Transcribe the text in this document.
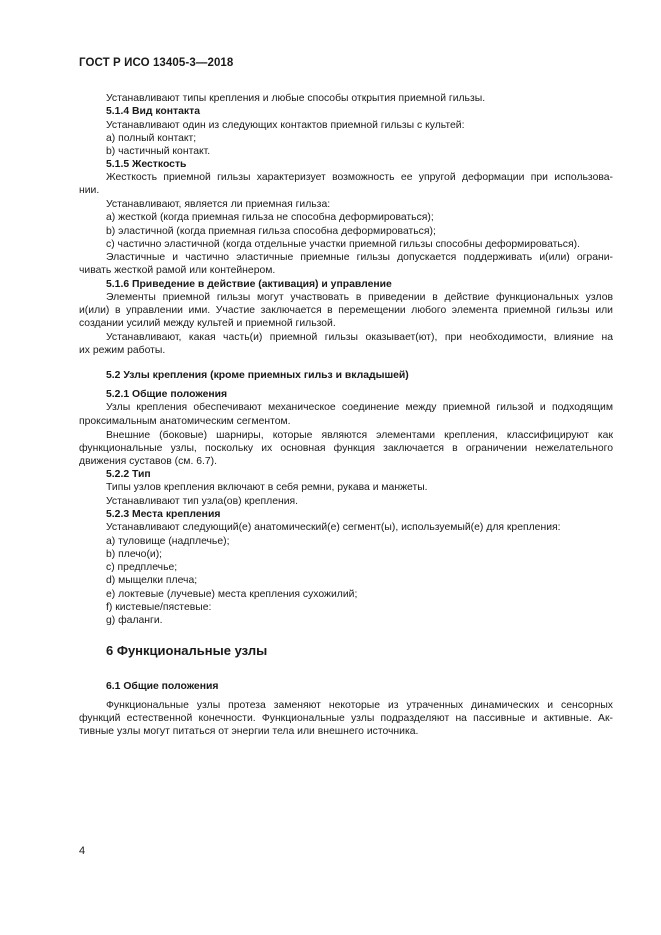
ГОСТ Р ИСО 13405-3—2018
Устанавливают типы крепления и любые способы открытия приемной гильзы.
5.1.4 Вид контакта
Устанавливают один из следующих контактов приемной гильзы с культей:
a) полный контакт;
b) частичный контакт.
5.1.5 Жесткость
Жесткость приемной гильзы характеризует возможность ее упругой деформации при использова-
нии.
Устанавливают, является ли приемная гильза:
a) жесткой (когда приемная гильза не способна деформироваться);
b) эластичной (когда приемная гильза способна деформироваться);
c) частично эластичной (когда отдельные участки приемной гильзы способны деформироваться).
Эластичные и частично эластичные приемные гильзы допускается поддерживать и(или) ограни-
чивать жесткой рамой или контейнером.
5.1.6 Приведение в действие (активация) и управление
Элементы приемной гильзы могут участвовать в приведении в действие функциональных узлов
и(или) в управлении ими. Участие заключается в перемещении любого элемента приемной гильзы или
создании усилий между культей и приемной гильзой.
Устанавливают, какая часть(и) приемной гильзы оказывает(ют), при необходимости, влияние на
их режим работы.
5.2 Узлы крепления (кроме приемных гильз и вкладышей)
5.2.1 Общие положения
Узлы крепления обеспечивают механическое соединение между приемной гильзой и подходящим
проксимальным анатомическим сегментом.
Внешние (боковые) шарниры, которые являются элементами крепления, классифицируют как
функциональные узлы, поскольку их основная функция заключается в ограничении нежелательного
движения суставов (см. 6.7).
5.2.2 Тип
Типы узлов крепления включают в себя ремни, рукава и манжеты.
Устанавливают тип узла(ов) крепления.
5.2.3 Места крепления
Устанавливают следующий(е) анатомический(е) сегмент(ы), используемый(е) для крепления:
a) туловище (надплечье);
b) плечо(и);
c) предплечье;
d) мыщелки плеча;
e) локтевые (лучевые) места крепления сухожилий;
f) кистевые/пястевые:
g) фаланги.
6 Функциональные узлы
6.1 Общие положения
Функциональные узлы протеза заменяют некоторые из утраченных динамических и сенсорных
функций естественной конечности. Функциональные узлы подразделяют на пассивные и активные. Ак-
тивные узлы могут питаться от энергии тела или внешнего источника.
4
